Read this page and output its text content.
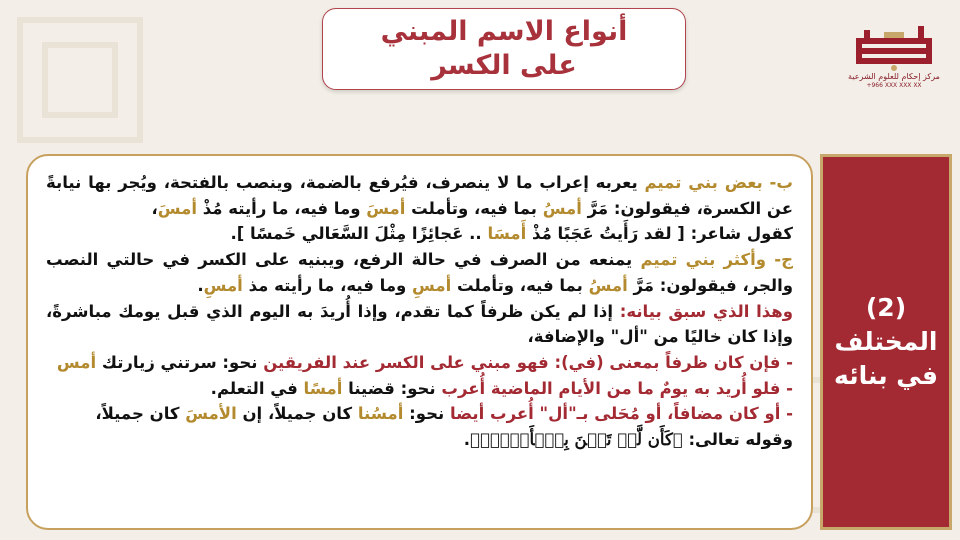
مركز إحكام للعلوم الشرعية
+966 XXX XXX XX
أنواع الاسم المبني
على الكسر
(2)
المختلف
في بنائه

ب- بعض بني تميم يعربه إعراب ما لا ينصرف، فيُرفع بالضمة، وينصب بالفتحة، ويُجر بها نيابةً عن الكسرة، فيقولون: مَرَّ أمسُ بما فيه، وتأملت أمسَ وما فيه، ما رأيته مُذْ أمسَ،
كقول شاعر: [ لقد رَأَيتُ عَجَبًا مُذْ أَمسَا .. عَجائِزًا مِثْلَ السَّعَالي خَمسًا ].

ج- وأكثر بني تميم يمنعه من الصرف في حالة الرفع، ويبنيه على الكسر في حالتي النصب والجر، فيقولون: مَرَّ أمسُ بما فيه، وتأملت أمسِ وما فيه، ما رأيته مذ أمسِ.

وهذا الذي سبق بيانه: إذا لم يكن ظرفاً كما تقدم، وإذا أُريدَ به اليوم الذي قبل يومك مباشرةً، وإذا كان خاليًا من "أل" والإضافة،

- فإن كان ظرفاً بمعنى (في): فهو مبني على الكسر عند الفريقين نحو: سرتني زيارتك أمس

- فلو أُريد به يومٌ ما من الأيام الماضية أُعرب نحو: قضينا أمسًا في التعلم.

- أو كان مضافاً، أو مُحَلى بـ"أل" أُعرب أيضا نحو: أمسُنا كان جميلاً، إن الأمسَ كان جميلاً،

وقوله تعالى: ﴿كَأَن لَّمۡ تَغۡنَ بِٱلۡأَمۡسِۚ﴾.
